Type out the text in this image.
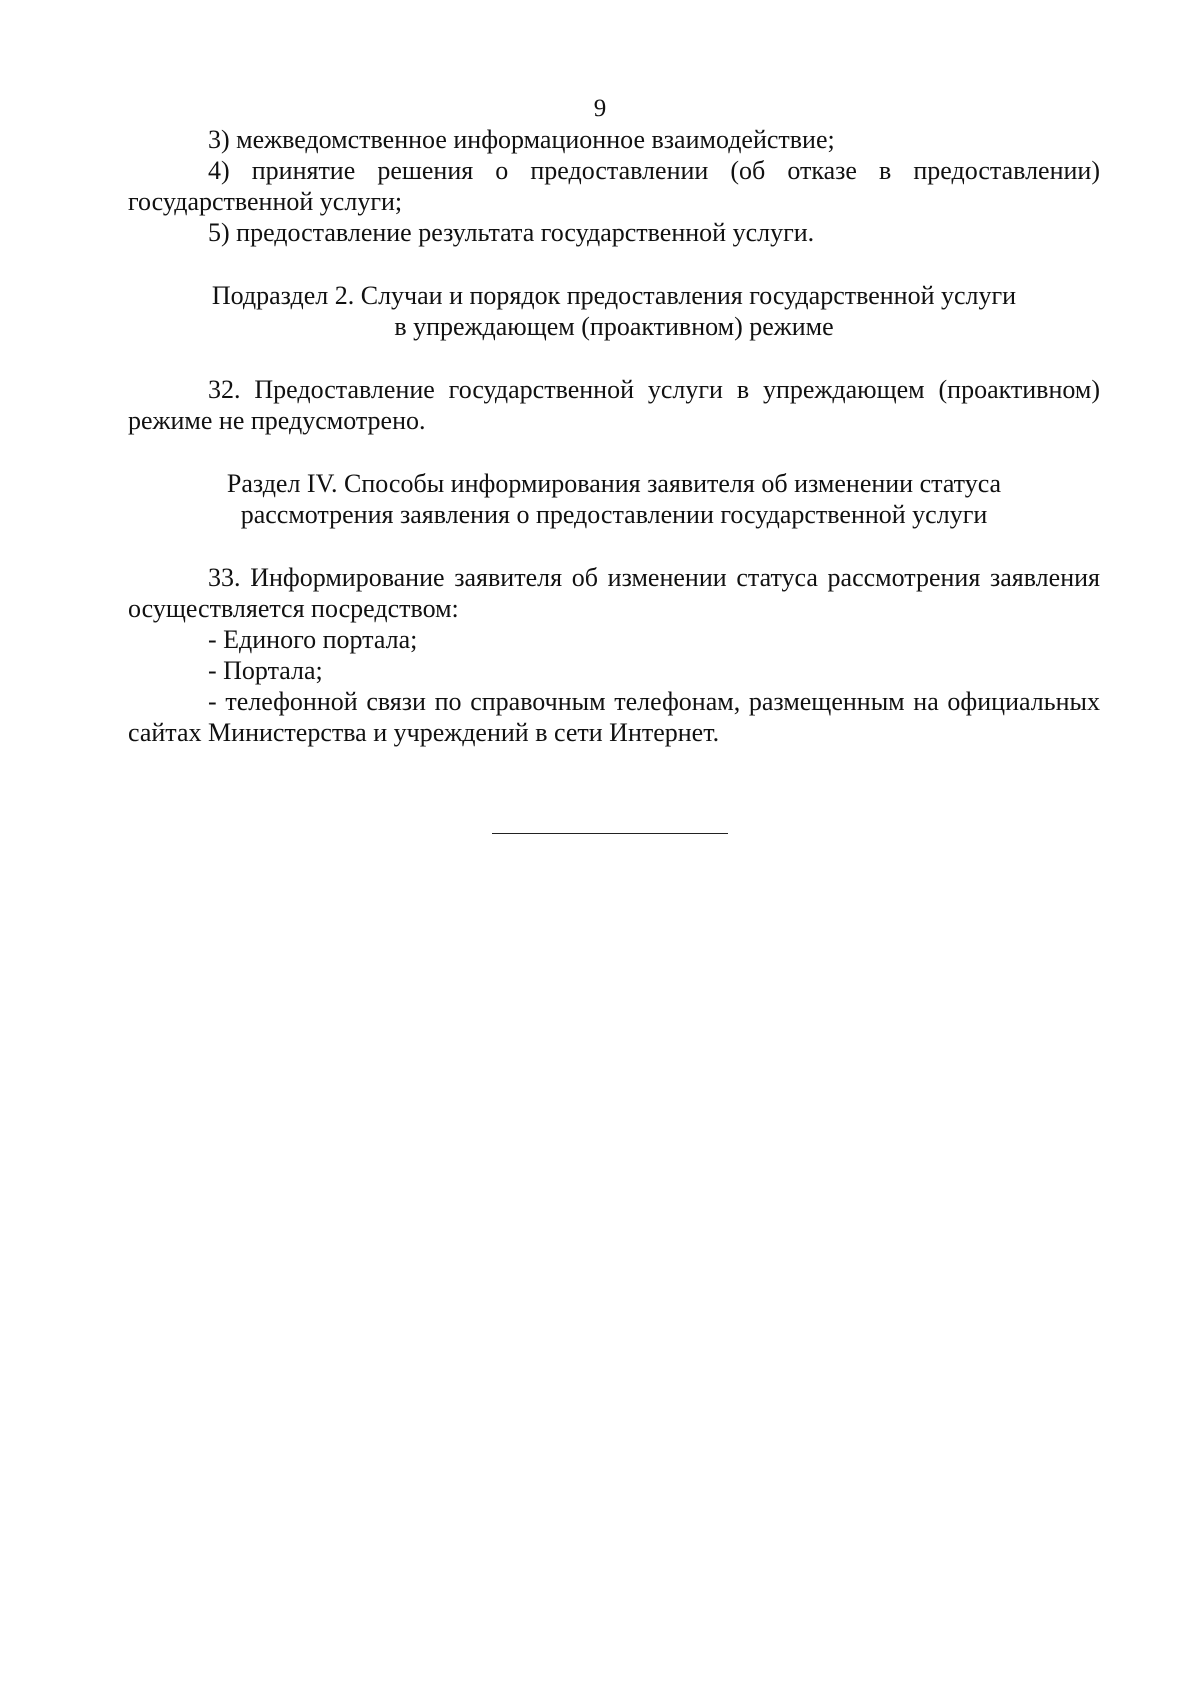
9

3) межведомственное информационное взаимодействие;

4) принятие решения о предоставлении (об отказе в предоставлении) государственной услуги;

5) предоставление результата государственной услуги.

Подраздел 2. Случаи и порядок предоставления государственной услуги

в упреждающем (проактивном) режиме

32. Предоставление государственной услуги в упреждающем (проактивном) режиме не предусмотрено.

Раздел IV. Способы информирования заявителя об изменении статуса

рассмотрения заявления о предоставлении государственной услуги

33. Информирование заявителя об изменении статуса рассмотрения заявления осуществляется посредством:

- Единого портала;

- Портала;

- телефонной связи по справочным телефонам, размещенным на официальных сайтах Министерства и учреждений в сети Интернет.
